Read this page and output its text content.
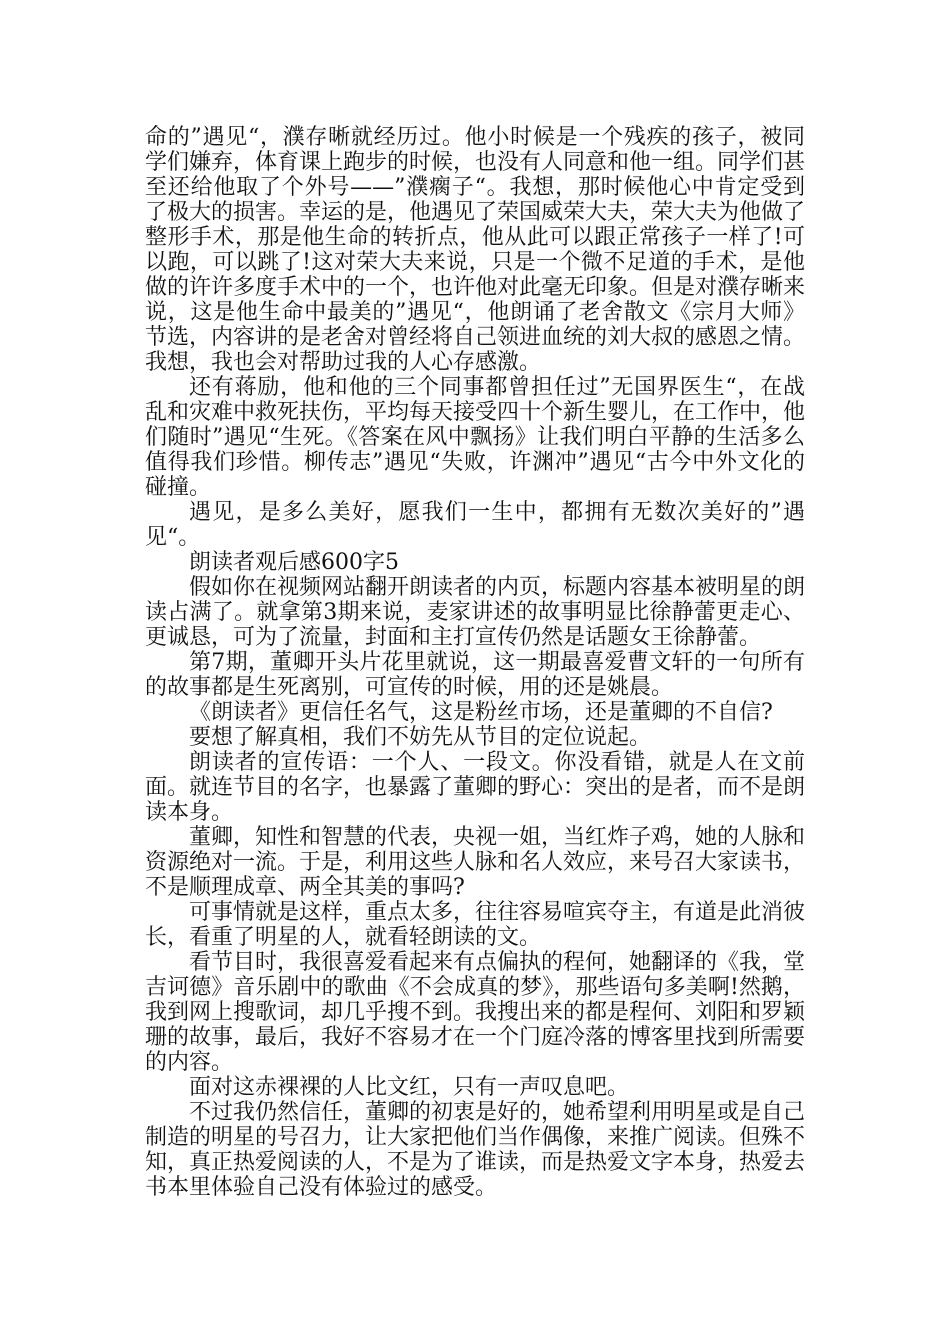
命的”遇见“，濮存晰就经历过。他小时候是一个残疾的孩子，被同学们嫌弃，体育课上跑步的时候，也没有人同意和他一组。同学们甚至还给他取了个外号——”濮瘸子“。我想，那时候他心中肯定受到了极大的损害。幸运的是，他遇见了荣国威荣大夫，荣大夫为他做了整形手术，那是他生命的转折点，他从此可以跟正常孩子一样了!可以跑，可以跳了!这对荣大夫来说，只是一个微不足道的手术，是他做的许许多度手术中的一个，也许他对此毫无印象。但是对濮存晰来说，这是他生命中最美的”遇见“，他朗诵了老舍散文《宗月大师》节选，内容讲的是老舍对曾经将自己领进血统的刘大叔的感恩之情。我想，我也会对帮助过我的人心存感激。

还有蒋励，他和他的三个同事都曾担任过”无国界医生“，在战乱和灾难中救死扶伤，平均每天接受四十个新生婴儿，在工作中，他们随时”遇见“生死。《答案在风中飘扬》让我们明白平静的生活多么值得我们珍惜。柳传志”遇见“失败，许渊冲”遇见“古今中外文化的碰撞。

遇见，是多么美好，愿我们一生中，都拥有无数次美好的”遇见“。

朗读者观后感600字5

假如你在视频网站翻开朗读者的内页，标题内容基本被明星的朗读占满了。就拿第3期来说，麦家讲述的故事明显比徐静蕾更走心、更诚恳，可为了流量，封面和主打宣传仍然是话题女王徐静蕾。

第7期，董卿开头片花里就说，这一期最喜爱曹文轩的一句所有的故事都是生死离别，可宣传的时候，用的还是姚晨。

《朗读者》更信任名气，这是粉丝市场，还是董卿的不自信?

要想了解真相，我们不妨先从节目的定位说起。

朗读者的宣传语：一个人、一段文。你没看错，就是人在文前面。就连节目的名字，也暴露了董卿的野心：突出的是者，而不是朗读本身。

董卿，知性和智慧的代表，央视一姐，当红炸子鸡，她的人脉和资源绝对一流。于是，利用这些人脉和名人效应，来号召大家读书，不是顺理成章、两全其美的事吗?

可事情就是这样，重点太多，往往容易喧宾夺主，有道是此消彼长，看重了明星的人，就看轻朗读的文。

看节目时，我很喜爱看起来有点偏执的程何，她翻译的《我，堂吉诃德》音乐剧中的歌曲《不会成真的梦》，那些语句多美啊!然鹅，我到网上搜歌词，却几乎搜不到。我搜出来的都是程何、刘阳和罗颖珊的故事，最后，我好不容易才在一个门庭冷落的博客里找到所需要的内容。

面对这赤裸裸的人比文红，只有一声叹息吧。

不过我仍然信任，董卿的初衷是好的，她希望利用明星或是自己制造的明星的号召力，让大家把他们当作偶像，来推广阅读。但殊不知，真正热爱阅读的人，不是为了谁读，而是热爱文字本身，热爱去书本里体验自己没有体验过的感受。
